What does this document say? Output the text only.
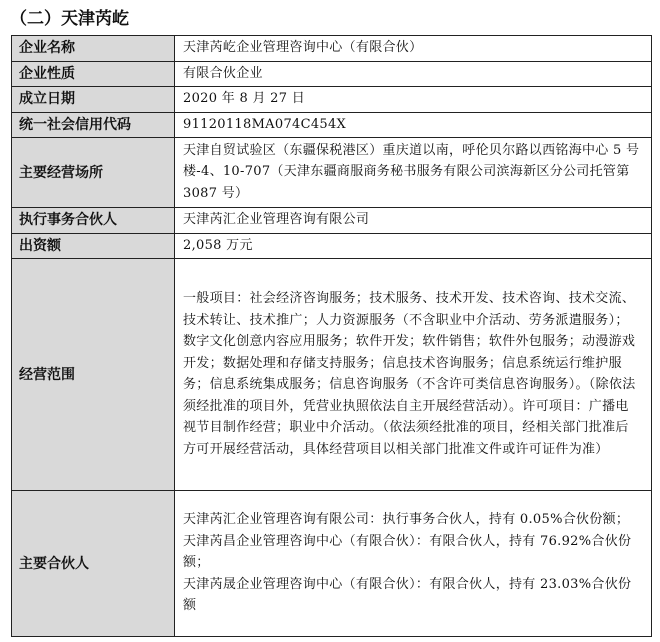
（二）天津芮屹
企业名称	天津芮屹企业管理咨询中心（有限合伙）
企业性质	有限合伙企业
成立日期	2020 年 8 月 27 日
统一社会信用代码	91120118MA074C454X
主要经营场所	天津自贸试验区（东疆保税港区）重庆道以南，呼伦贝尔路以西铭海中心 5 号楼-4、10-707（天津东疆商服商务秘书服务有限公司滨海新区分公司托管第 3087 号）
执行事务合伙人	天津芮汇企业管理咨询有限公司
出资额	2,058 万元
经营范围	一般项目：社会经济咨询服务；技术服务、技术开发、技术咨询、技术交流、技术转让、技术推广；人力资源服务（不含职业中介活动、劳务派遣服务）；数字文化创意内容应用服务；软件开发；软件销售；软件外包服务；动漫游戏开发；数据处理和存储支持服务；信息技术咨询服务；信息系统运行维护服务；信息系统集成服务；信息咨询服务（不含许可类信息咨询服务）。（除依法须经批准的项目外，凭营业执照依法自主开展经营活动）。许可项目：广播电视节目制作经营；职业中介活动。（依法须经批准的项目，经相关部门批准后方可开展经营活动，具体经营项目以相关部门批准文件或许可证件为准）
主要合伙人	天津芮汇企业管理咨询有限公司：执行事务合伙人，持有 0.05%合伙份额；
天津芮昌企业管理咨询中心（有限合伙）：有限合伙人，持有 76.92%合伙份额；
天津芮晟企业管理咨询中心（有限合伙）：有限合伙人，持有 23.03%合伙份额
